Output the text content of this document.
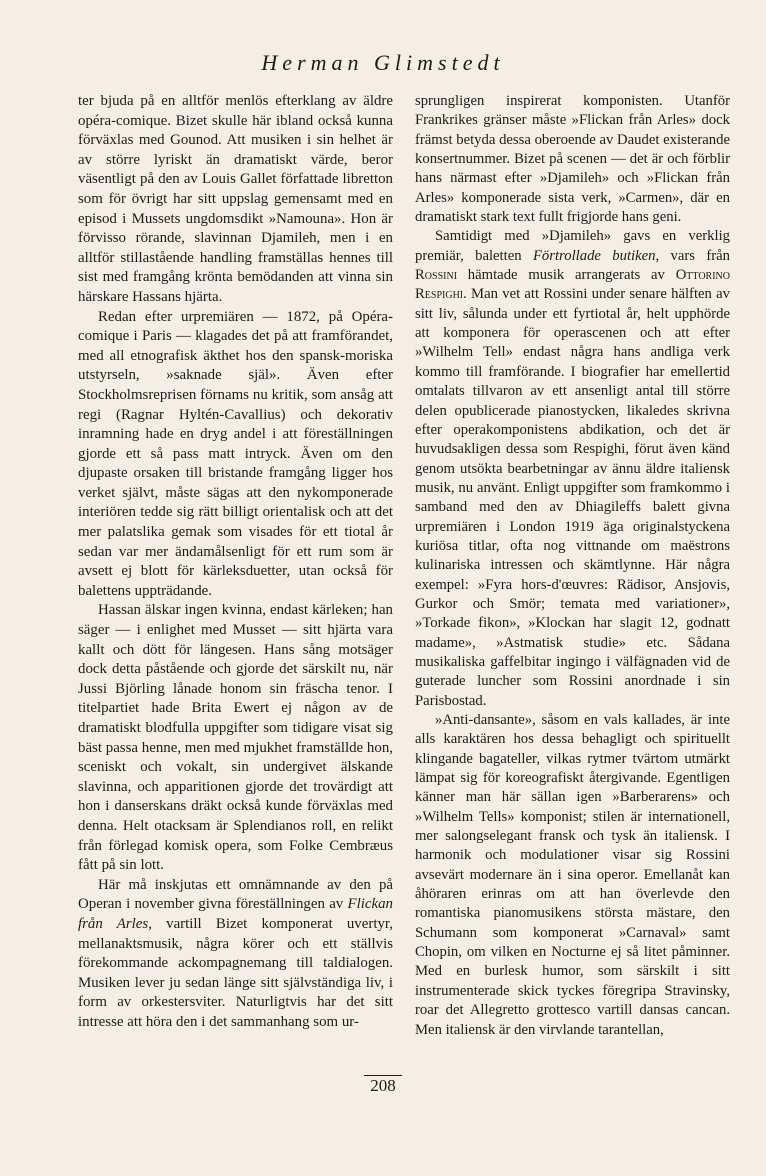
Herman Glimstedt

ter bjuda på en alltför menlös efterklang av äldre opéra-comique. Bizet skulle här ibland också kunna förväxlas med Gounod. Att musiken i sin helhet är av större lyriskt än dramatiskt värde, beror väsentligt på den av Louis Gallet författade libretton som för övrigt har sitt uppslag gemensamt med en episod i Mussets ungdomsdikt »Namouna». Hon är förvisso rörande, slavinnan Djamileh, men i en alltför stillastående handling framställas hennes till sist med framgång krönta bemödanden att vinna sin härskare Hassans hjärta.

Redan efter urpremiären — 1872, på Opéra-comique i Paris — klagades det på att framförandet, med all etnografisk äkthet hos den spansk-moriska utstyrseln, »saknade själ». Även efter Stockholmsreprisen förnams nu kritik, som ansåg att regi (Ragnar Hyltén-Cavallius) och dekorativ inramning hade en dryg andel i att föreställningen gjorde ett så pass matt intryck. Även om den djupaste orsaken till bristande framgång ligger hos verket självt, måste sägas att den nykomponerade interiören tedde sig rätt billigt orientalisk och att det mer palatslika gemak som visades för ett tiotal år sedan var mer ändamålsenligt för ett rum som är avsett ej blott för kärleksduetter, utan också för balettens uppträdande.

Hassan älskar ingen kvinna, endast kärleken; han säger — i enlighet med Musset — sitt hjärta vara kallt och dött för längesen. Hans sång motsäger dock detta påstående och gjorde det särskilt nu, när Jussi Björling lånade honom sin fräscha tenor. I titelpartiet hade Brita Ewert ej någon av de dramatiskt blodfulla uppgifter som tidigare visat sig bäst passa henne, men med mjukhet framställde hon, sceniskt och vokalt, sin undergivet älskande slavinna, och apparitionen gjorde det trovärdigt att hon i danserskans dräkt också kunde förväxlas med denna. Helt otacksam är Splendianos roll, en relikt från förlegad komisk opera, som Folke Cembræus fått på sin lott.

Här må inskjutas ett omnämnande av den på Operan i november givna föreställningen av Flickan från Arles, vartill Bizet komponerat uvertyr, mellanaktsmusik, några körer och ett ställvis förekommande ackompagnemang till taldialogen. Musiken lever ju sedan länge sitt självständiga liv, i form av orkestersviter. Naturligtvis har det sitt intresse att höra den i det sammanhang som ur-

sprungligen inspirerat komponisten. Utanför Frankrikes gränser måste »Flickan från Arles» dock främst betyda dessa oberoende av Daudet existerande konsertnummer. Bizet på scenen — det är och förblir hans närmast efter »Djamileh» och »Flickan från Arles» komponerade sista verk, »Carmen», där en dramatiskt stark text fullt frigjorde hans geni.

Samtidigt med »Djamileh» gavs en verklig premiär, baletten Förtrollade butiken, vars från Rossini hämtade musik arrangerats av Ottorino Respighi. Man vet att Rossini under senare hälften av sitt liv, sålunda under ett fyrtiotal år, helt upphörde att komponera för operascenen och att efter »Wilhelm Tell» endast några hans andliga verk kommo till framförande. I biografier har emellertid omtalats tillvaron av ett ansenligt antal till större delen opublicerade pianostycken, likaledes skrivna efter operakomponistens abdikation, och det är huvudsakligen dessa som Respighi, förut även känd genom utsökta bearbetningar av ännu äldre italiensk musik, nu använt. Enligt uppgifter som framkommo i samband med den av Dhiagileffs balett givna urpremiären i London 1919 äga originalstyckena kuriösa titlar, ofta nog vittnande om maëstrons kulinariska intressen och skämtlynne. Här några exempel: »Fyra hors-d'œuvres: Rädisor, Ansjovis, Gurkor och Smör; temata med variationer», »Torkade fikon», »Klockan har slagit 12, godnatt madame», »Astmatisk studie» etc. Sådana musikaliska gaffelbitar ingingo i välfägnaden vid de guterade luncher som Rossini anordnade i sin Parisbostad.

»Anti-dansante», såsom en vals kallades, är inte alls karaktären hos dessa behagligt och spirituellt klingande bagateller, vilkas rytmer tvärtom utmärkt lämpat sig för koreografiskt återgivande. Egentligen känner man här sällan igen »Barberarens» och »Wilhelm Tells» komponist; stilen är internationell, mer salongselegant fransk och tysk än italiensk. I harmonik och modulationer visar sig Rossini avsevärt modernare än i sina operor. Emellanåt kan åhöraren erinras om att han överlevde den romantiska pianomusikens största mästare, den Schumann som komponerat »Carnaval» samt Chopin, om vilken en Nocturne ej så litet påminner. Med en burlesk humor, som särskilt i sitt instrumenterade skick tyckes föregripa Stravinsky, roar det Allegretto grottesco vartill dansas cancan. Men italiensk är den virvlande tarantellan,

208
